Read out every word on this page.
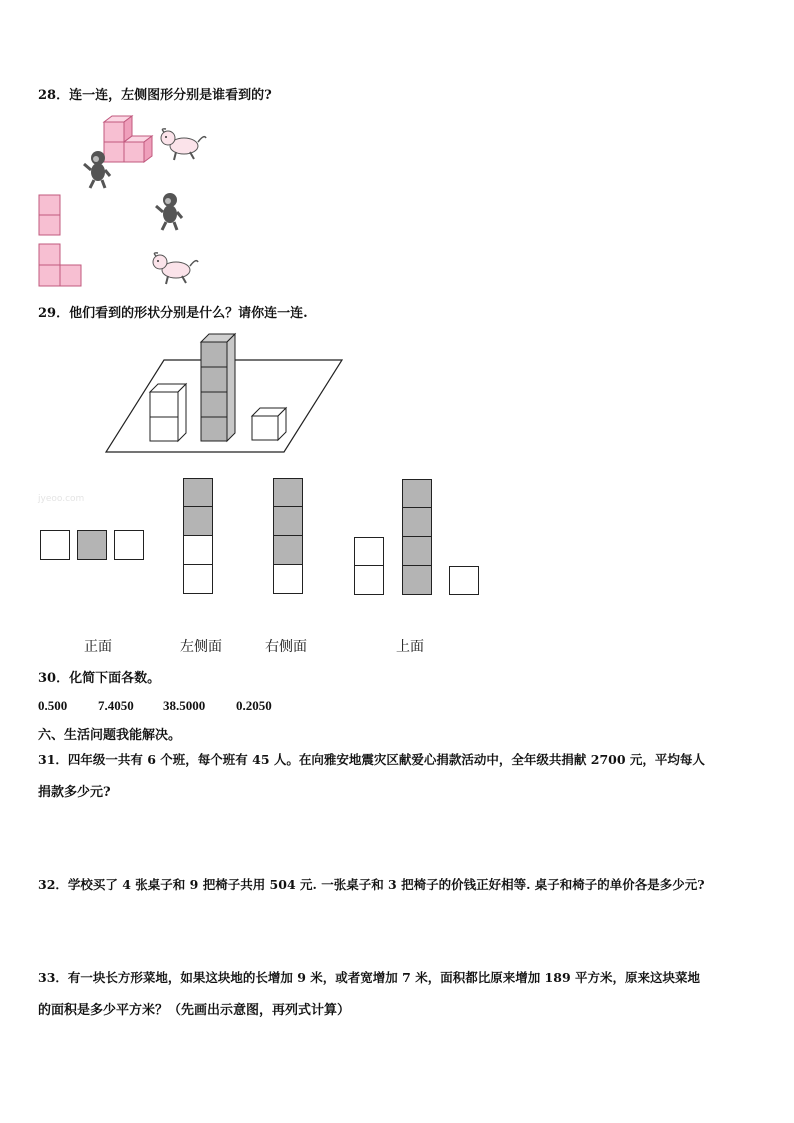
28．连一连，左侧图形分别是谁看到的?
29．他们看到的形状分别是什么？请你连一连.
jyeoo.com
正面	左侧面	右侧面	上面
30．化简下面各数。
0.500 7.4050 38.5000 0.2050
六、生活问题我能解决。
31．四年级一共有 6 个班，每个班有 45 人。在向雅安地震灾区献爱心捐款活动中，全年级共捐献 2700 元，平均每人
捐款多少元?
32．学校买了 4 张桌子和 9 把椅子共用 504 元. 一张桌子和 3 把椅子的价钱正好相等. 桌子和椅子的单价各是多少元?
33．有一块长方形菜地，如果这块地的长增加 9 米，或者宽增加 7 米，面积都比原来增加 189 平方米，原来这块菜地
的面积是多少平方米？（先画出示意图，再列式计算）
